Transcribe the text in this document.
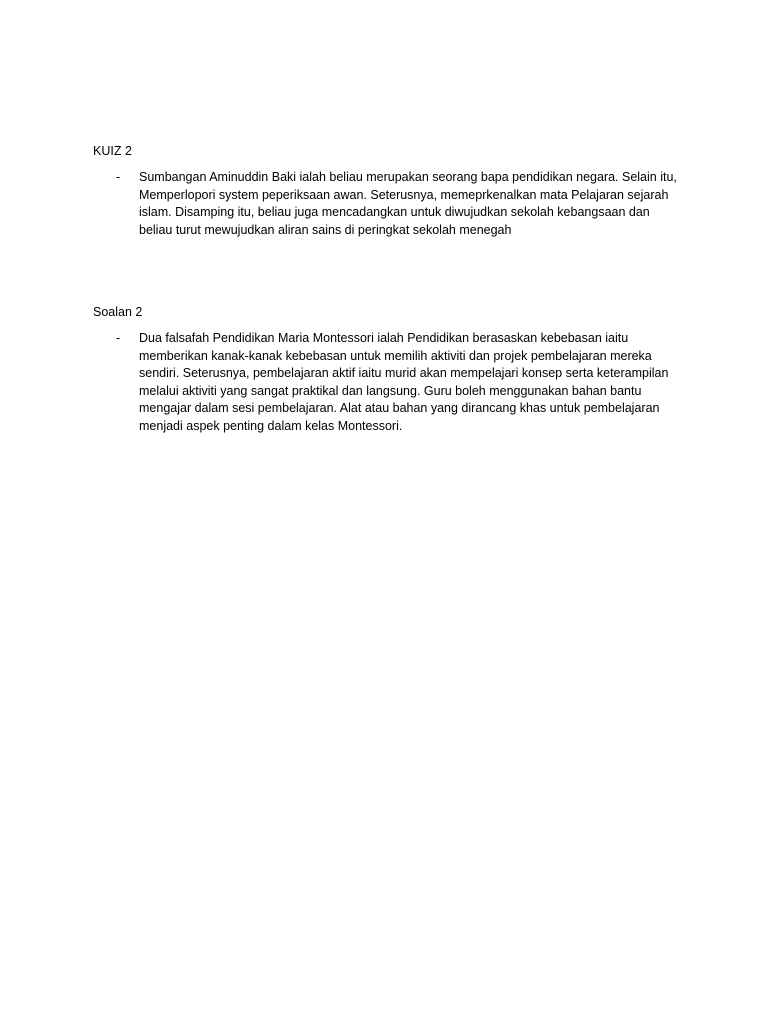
KUIZ 2
- Sumbangan Aminuddin Baki ialah beliau merupakan seorang bapa pendidikan negara. Selain itu, Memperlopori system peperiksaan awan. Seterusnya, memeprkenalkan mata Pelajaran sejarah islam. Disamping itu, beliau juga mencadangkan untuk diwujudkan sekolah kebangsaan dan beliau turut mewujudkan aliran sains di peringkat sekolah menegah

Soalan 2
- Dua falsafah Pendidikan Maria Montessori ialah Pendidikan berasaskan kebebasan iaitu memberikan kanak-kanak kebebasan untuk memilih aktiviti dan projek pembelajaran mereka sendiri. Seterusnya, pembelajaran aktif iaitu murid akan mempelajari konsep serta keterampilan melalui aktiviti yang sangat praktikal dan langsung. Guru boleh menggunakan bahan bantu mengajar dalam sesi pembelajaran. Alat atau bahan yang dirancang khas untuk pembelajaran menjadi aspek penting dalam kelas Montessori.
